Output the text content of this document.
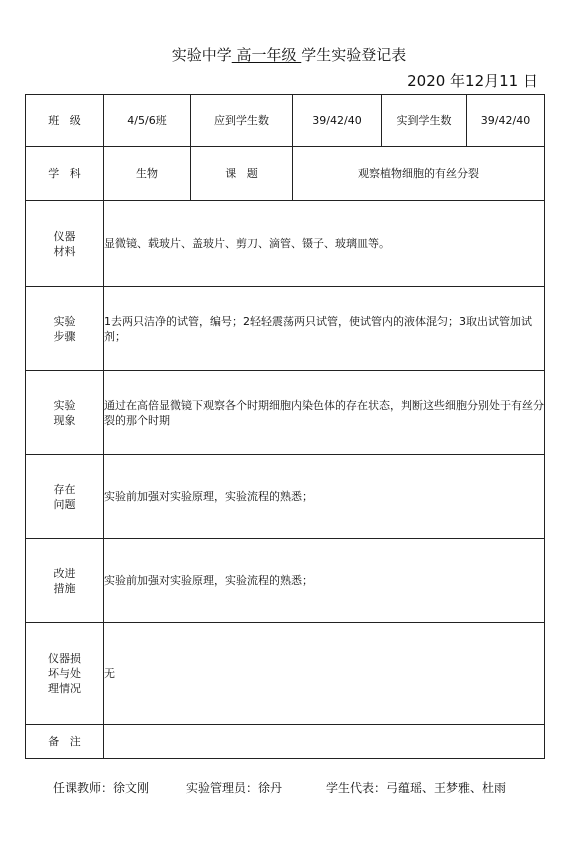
实验中学 高一年级 学生实验登记表
2020 年12月11 日
班   级	4/5/6班	应到学生数	39/42/40	实到学生数	39/42/40
学   科	生物	课   题	观察植物细胞的有丝分裂		

仪器
材料	显微镜、载玻片、盖玻片、剪刀、滴管、镊子、玻璃皿等。				

实验
步骤	1去两只洁净的试管，编号；2轻轻震荡两只试管，使试管内的液体混匀；3取出试管加试剂；				

实验
现象	通过在高倍显微镜下观察各个时期细胞内染色体的存在状态，判断这些细胞分别处于有丝分裂的那个时期				

存在
问题	实验前加强对实验原理，实验流程的熟悉；				

改进
措施	实验前加强对实验原理，实验流程的熟悉；				

仪器损
坏与处
理情况	无				
备   注					
任课教师：徐文刚	实验管理员：徐丹	学生代表：弓蕴瑶、王梦雅、杜雨
